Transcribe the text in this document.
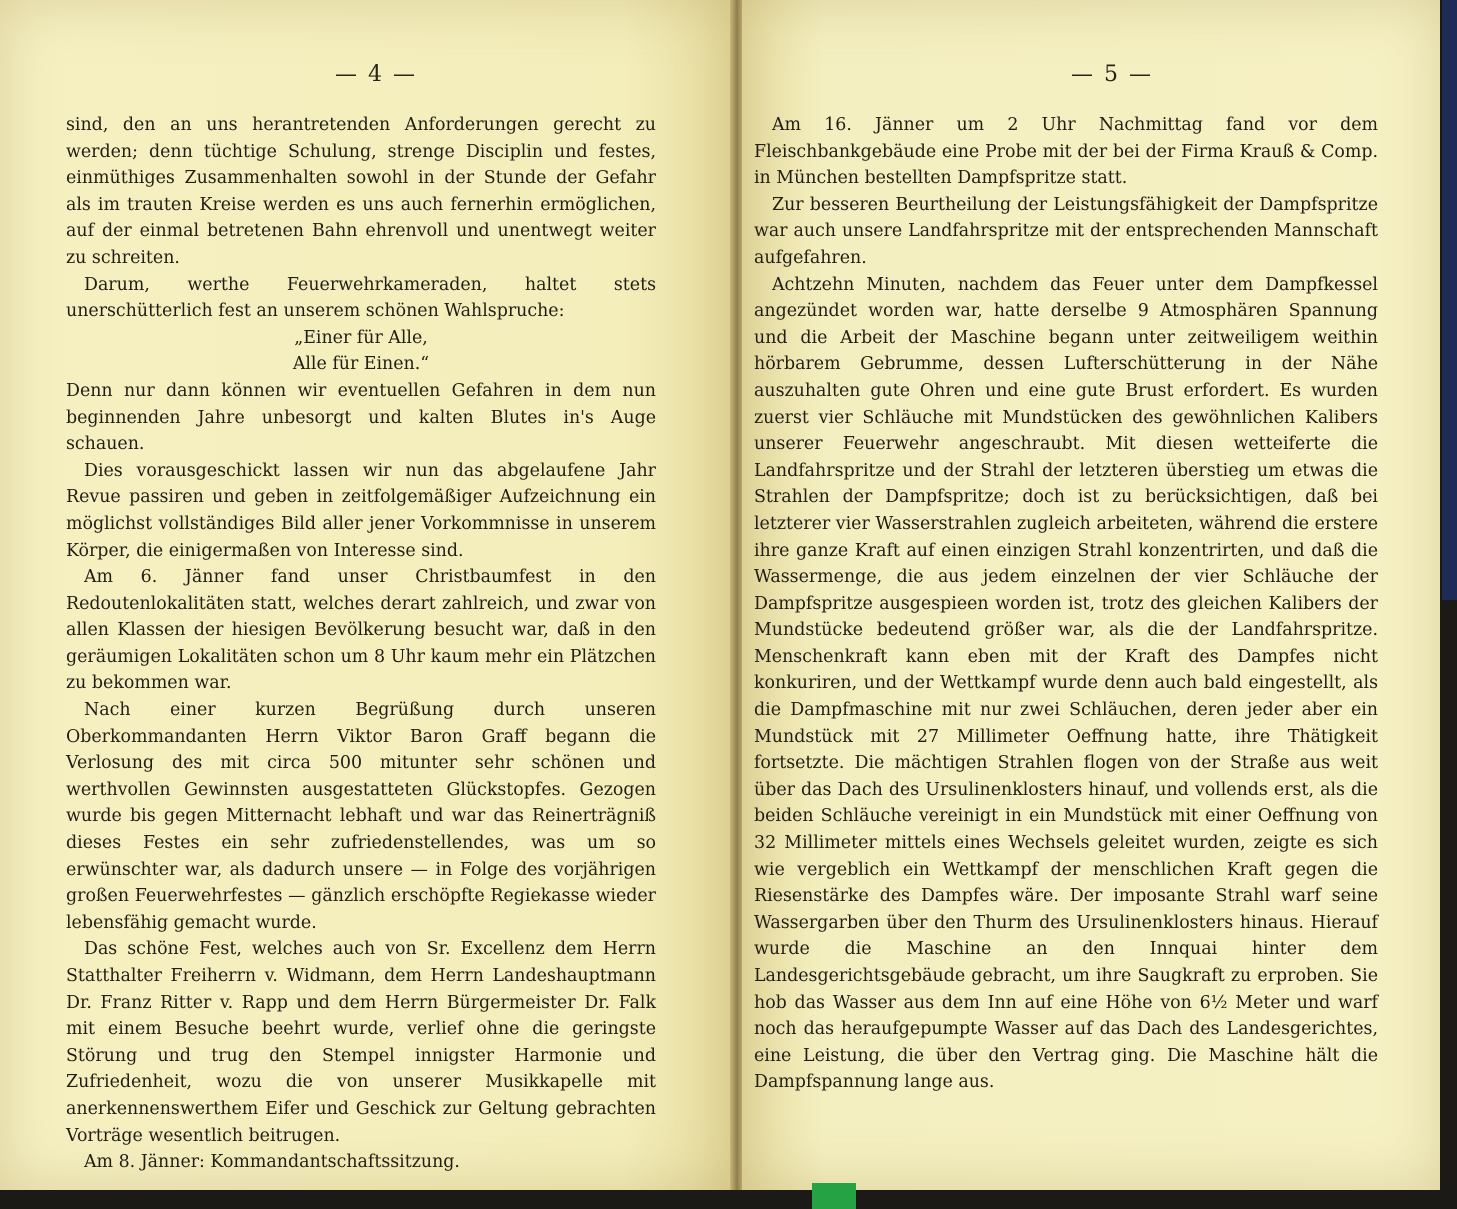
— 4 —

sind, den an uns herantretenden Anforderungen gerecht zu werden; denn tüchtige Schulung, strenge Disciplin und festes, einmüthiges Zusammenhalten sowohl in der Stunde der Gefahr als im trauten Kreise werden es uns auch fernerhin ermöglichen, auf der einmal betretenen Bahn ehrenvoll und unentwegt weiter zu schreiten.

Darum, werthe Feuerwehrkameraden, haltet stets unerschütterlich fest an unserem schönen Wahlspruche:

„Einer für Alle,

Alle für Einen.“

Denn nur dann können wir eventuellen Gefahren in dem nun beginnenden Jahre unbesorgt und kalten Blutes in's Auge schauen.

Dies vorausgeschickt lassen wir nun das abgelaufene Jahr Revue passiren und geben in zeitfolgemäßiger Aufzeichnung ein möglichst vollständiges Bild aller jener Vorkommnisse in unserem Körper, die einigermaßen von Interesse sind.

Am 6. Jänner fand unser Christbaumfest in den Redoutenlokalitäten statt, welches derart zahlreich, und zwar von allen Klassen der hiesigen Bevölkerung besucht war, daß in den geräumigen Lokalitäten schon um 8 Uhr kaum mehr ein Plätzchen zu bekommen war.

Nach einer kurzen Begrüßung durch unseren Oberkommandanten Herrn Viktor Baron Graff begann die Verlosung des mit circa 500 mitunter sehr schönen und werthvollen Gewinnsten ausgestatteten Glückstopfes. Gezogen wurde bis gegen Mitternacht lebhaft und war das Reinerträgniß dieses Festes ein sehr zufriedenstellendes, was um so erwünschter war, als dadurch unsere — in Folge des vorjährigen großen Feuerwehrfestes — gänzlich erschöpfte Regiekasse wieder lebensfähig gemacht wurde.

Das schöne Fest, welches auch von Sr. Excellenz dem Herrn Statthalter Freiherrn v. Widmann, dem Herrn Landeshauptmann Dr. Franz Ritter v. Rapp und dem Herrn Bürgermeister Dr. Falk mit einem Besuche beehrt wurde, verlief ohne die geringste Störung und trug den Stempel innigster Harmonie und Zufriedenheit, wozu die von unserer Musikkapelle mit anerkennenswerthem Eifer und Geschick zur Geltung gebrachten Vorträge wesentlich beitrugen.

Am 8. Jänner: Kommandantschaftssitzung.

— 5 —

Am 16. Jänner um 2 Uhr Nachmittag fand vor dem Fleischbankgebäude eine Probe mit der bei der Firma Krauß & Comp. in München bestellten Dampfspritze statt.

Zur besseren Beurtheilung der Leistungsfähigkeit der Dampfspritze war auch unsere Landfahrspritze mit der entsprechenden Mannschaft aufgefahren.

Achtzehn Minuten, nachdem das Feuer unter dem Dampfkessel angezündet worden war, hatte derselbe 9 Atmosphären Spannung und die Arbeit der Maschine begann unter zeitweiligem weithin hörbarem Gebrumme, dessen Lufterschütterung in der Nähe auszuhalten gute Ohren und eine gute Brust erfordert. Es wurden zuerst vier Schläuche mit Mundstücken des gewöhnlichen Kalibers unserer Feuerwehr angeschraubt. Mit diesen wetteiferte die Landfahrspritze und der Strahl der letzteren überstieg um etwas die Strahlen der Dampfspritze; doch ist zu berücksichtigen, daß bei letzterer vier Wasserstrahlen zugleich arbeiteten, während die erstere ihre ganze Kraft auf einen einzigen Strahl konzentrirten, und daß die Wassermenge, die aus jedem einzelnen der vier Schläuche der Dampfspritze ausgespieen worden ist, trotz des gleichen Kalibers der Mundstücke bedeutend größer war, als die der Landfahrspritze. Menschenkraft kann eben mit der Kraft des Dampfes nicht konkuriren, und der Wettkampf wurde denn auch bald eingestellt, als die Dampfmaschine mit nur zwei Schläuchen, deren jeder aber ein Mundstück mit 27 Millimeter Oeffnung hatte, ihre Thätigkeit fortsetzte. Die mächtigen Strahlen flogen von der Straße aus weit über das Dach des Ursulinenklosters hinauf, und vollends erst, als die beiden Schläuche vereinigt in ein Mundstück mit einer Oeffnung von 32 Millimeter mittels eines Wechsels geleitet wurden, zeigte es sich wie vergeblich ein Wettkampf der menschlichen Kraft gegen die Riesenstärke des Dampfes wäre. Der imposante Strahl warf seine Wassergarben über den Thurm des Ursulinenklosters hinaus. Hierauf wurde die Maschine an den Innquai hinter dem Landesgerichtsgebäude gebracht, um ihre Saugkraft zu erproben. Sie hob das Wasser aus dem Inn auf eine Höhe von 6½ Meter und warf noch das heraufgepumpte Wasser auf das Dach des Landesgerichtes, eine Leistung, die über den Vertrag ging. Die Maschine hält die Dampfspannung lange aus.
